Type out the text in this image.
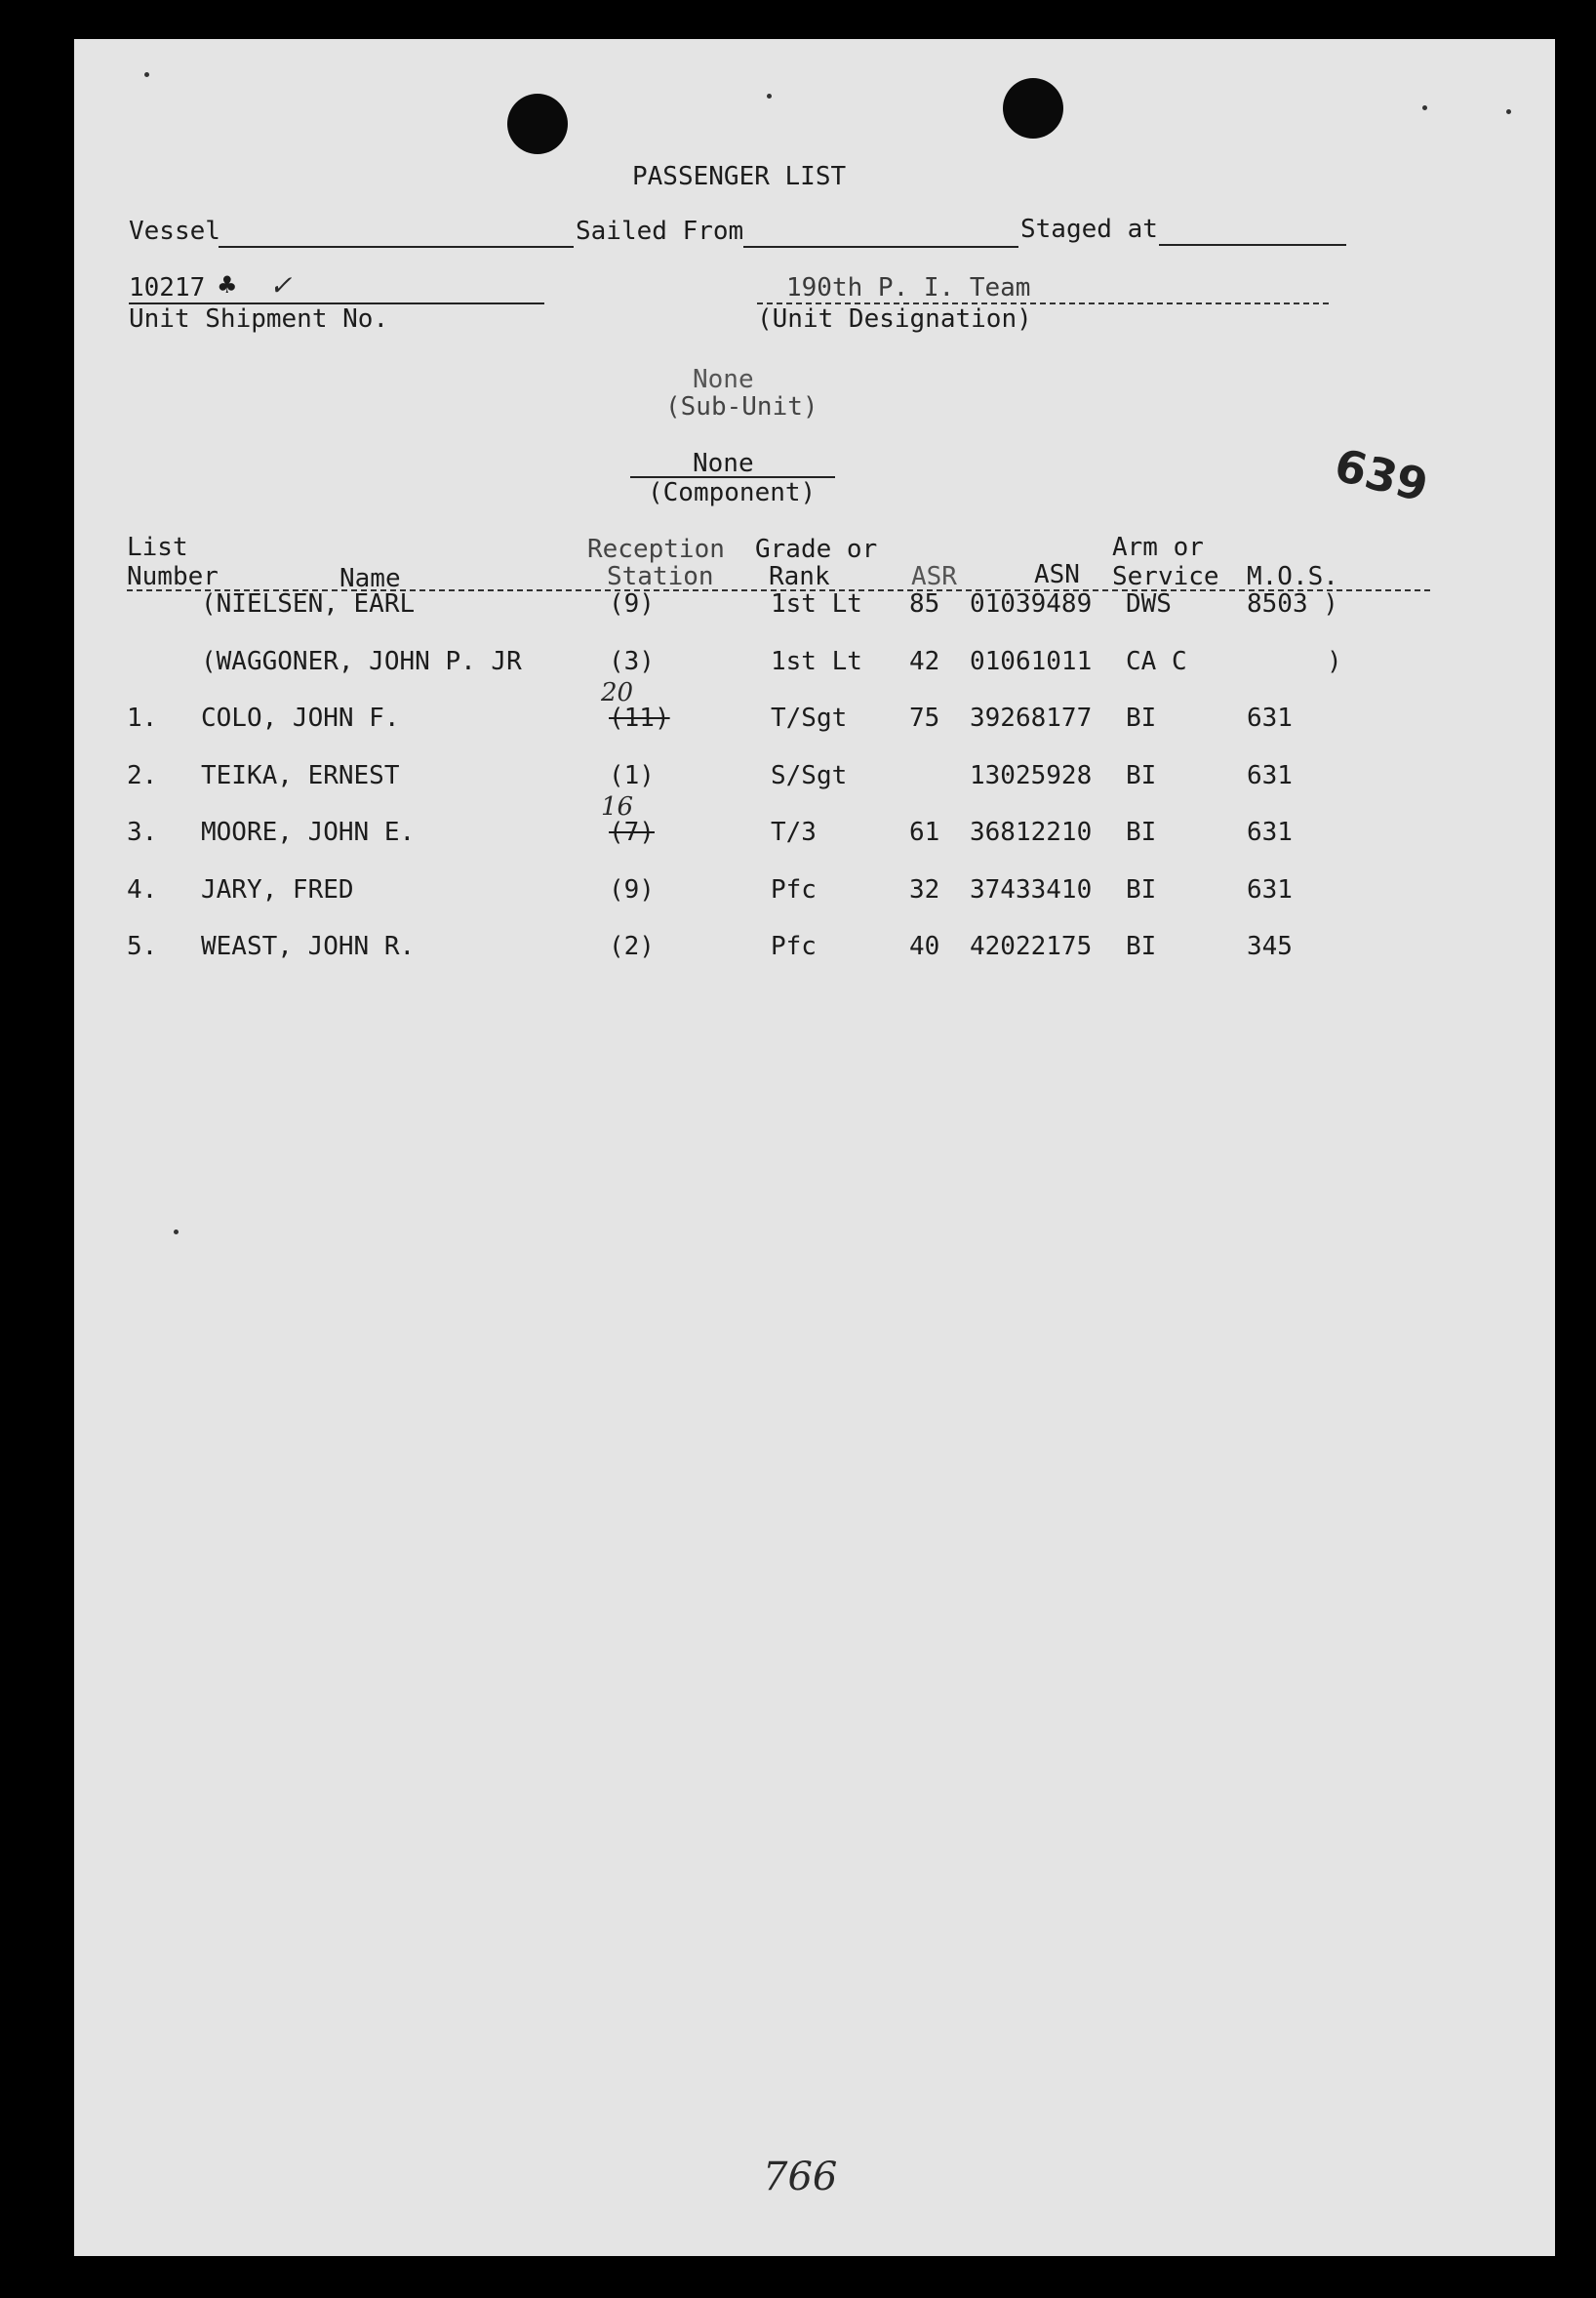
PASSENGER LIST
Vessel	Sailed From	Staged at
10217 ♣ ✓
Unit Shipment No.
190th P. I. Team
(Unit Designation)
None
(Sub-Unit)
None
(Component)	639
List
Number	Name
Reception
Station
Grade or
Rank	ASR	ASN
Arm or
Service M.O.S.
(NIELSEN, EARL	(9)	1st Lt 85 01039489 DWS	8503 )
(WAGGONER, JOHN P. JR	(3)	1st Lt 42 01061011 CA C	)
1. COLO, JOHN F.	(11)	T/Sgt 75 39268177 BI	631
20
2. TEIKA, ERNEST	(1)	S/Sgt	13025928 BI	631
3. MOORE, JOHN E.	(7)	T/3	61 36812210 BI	631
16
4. JARY, FRED	(9)	Pfc	32 37433410 BI	631
5. WEAST, JOHN R.	(2)	Pfc	40 42022175 BI	345
766
